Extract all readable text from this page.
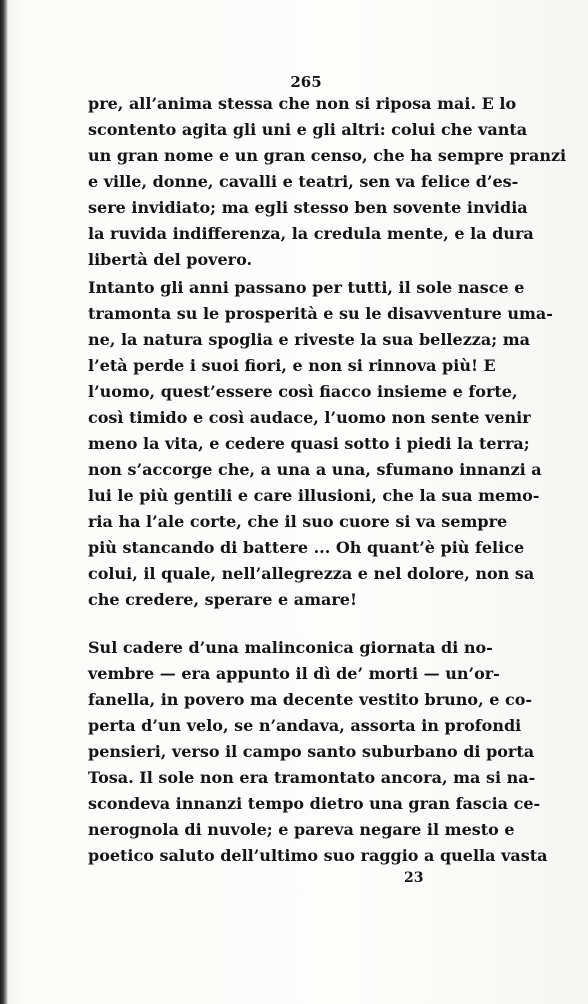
265
pre, all’anima stessa che non si riposa mai. E lo
scontento agita gli uni e gli altri: colui che vanta
un gran nome e un gran censo, che ha sempre pranzi
e ville, donne, cavalli e teatri, sen va felice d’es-
sere invidiato; ma egli stesso ben sovente invidia
la ruvida indifferenza, la credula mente, e la dura
libertà del povero.
Intanto gli anni passano per tutti, il sole nasce e
tramonta su le prosperità e su le disavventure uma-
ne, la natura spoglia e riveste la sua bellezza; ma
l’età perde i suoi fiori, e non si rinnova più! E
l’uomo, quest’essere così fiacco insieme e forte,
così timido e così audace, l’uomo non sente venir
meno la vita, e cedere quasi sotto i piedi la terra;
non s’accorge che, a una a una, sfumano innanzi a
lui le più gentili e care illusioni, che la sua memo-
ria ha l’ale corte, che il suo cuore si va sempre
più stancando di battere ... Oh quant’è più felice
colui, il quale, nell’allegrezza e nel dolore, non sa
che credere, sperare e amare!
Sul cadere d’una malinconica giornata di no-
vembre — era appunto il dì de’ morti — un’or-
fanella, in povero ma decente vestito bruno, e co-
perta d’un velo, se n’andava, assorta in profondi
pensieri, verso il campo santo suburbano di porta
Tosa. Il sole non era tramontato ancora, ma si na-
scondeva innanzi tempo dietro una gran fascia ce-
nerognola di nuvole; e pareva negare il mesto e
poetico saluto dell’ultimo suo raggio a quella vasta
23
